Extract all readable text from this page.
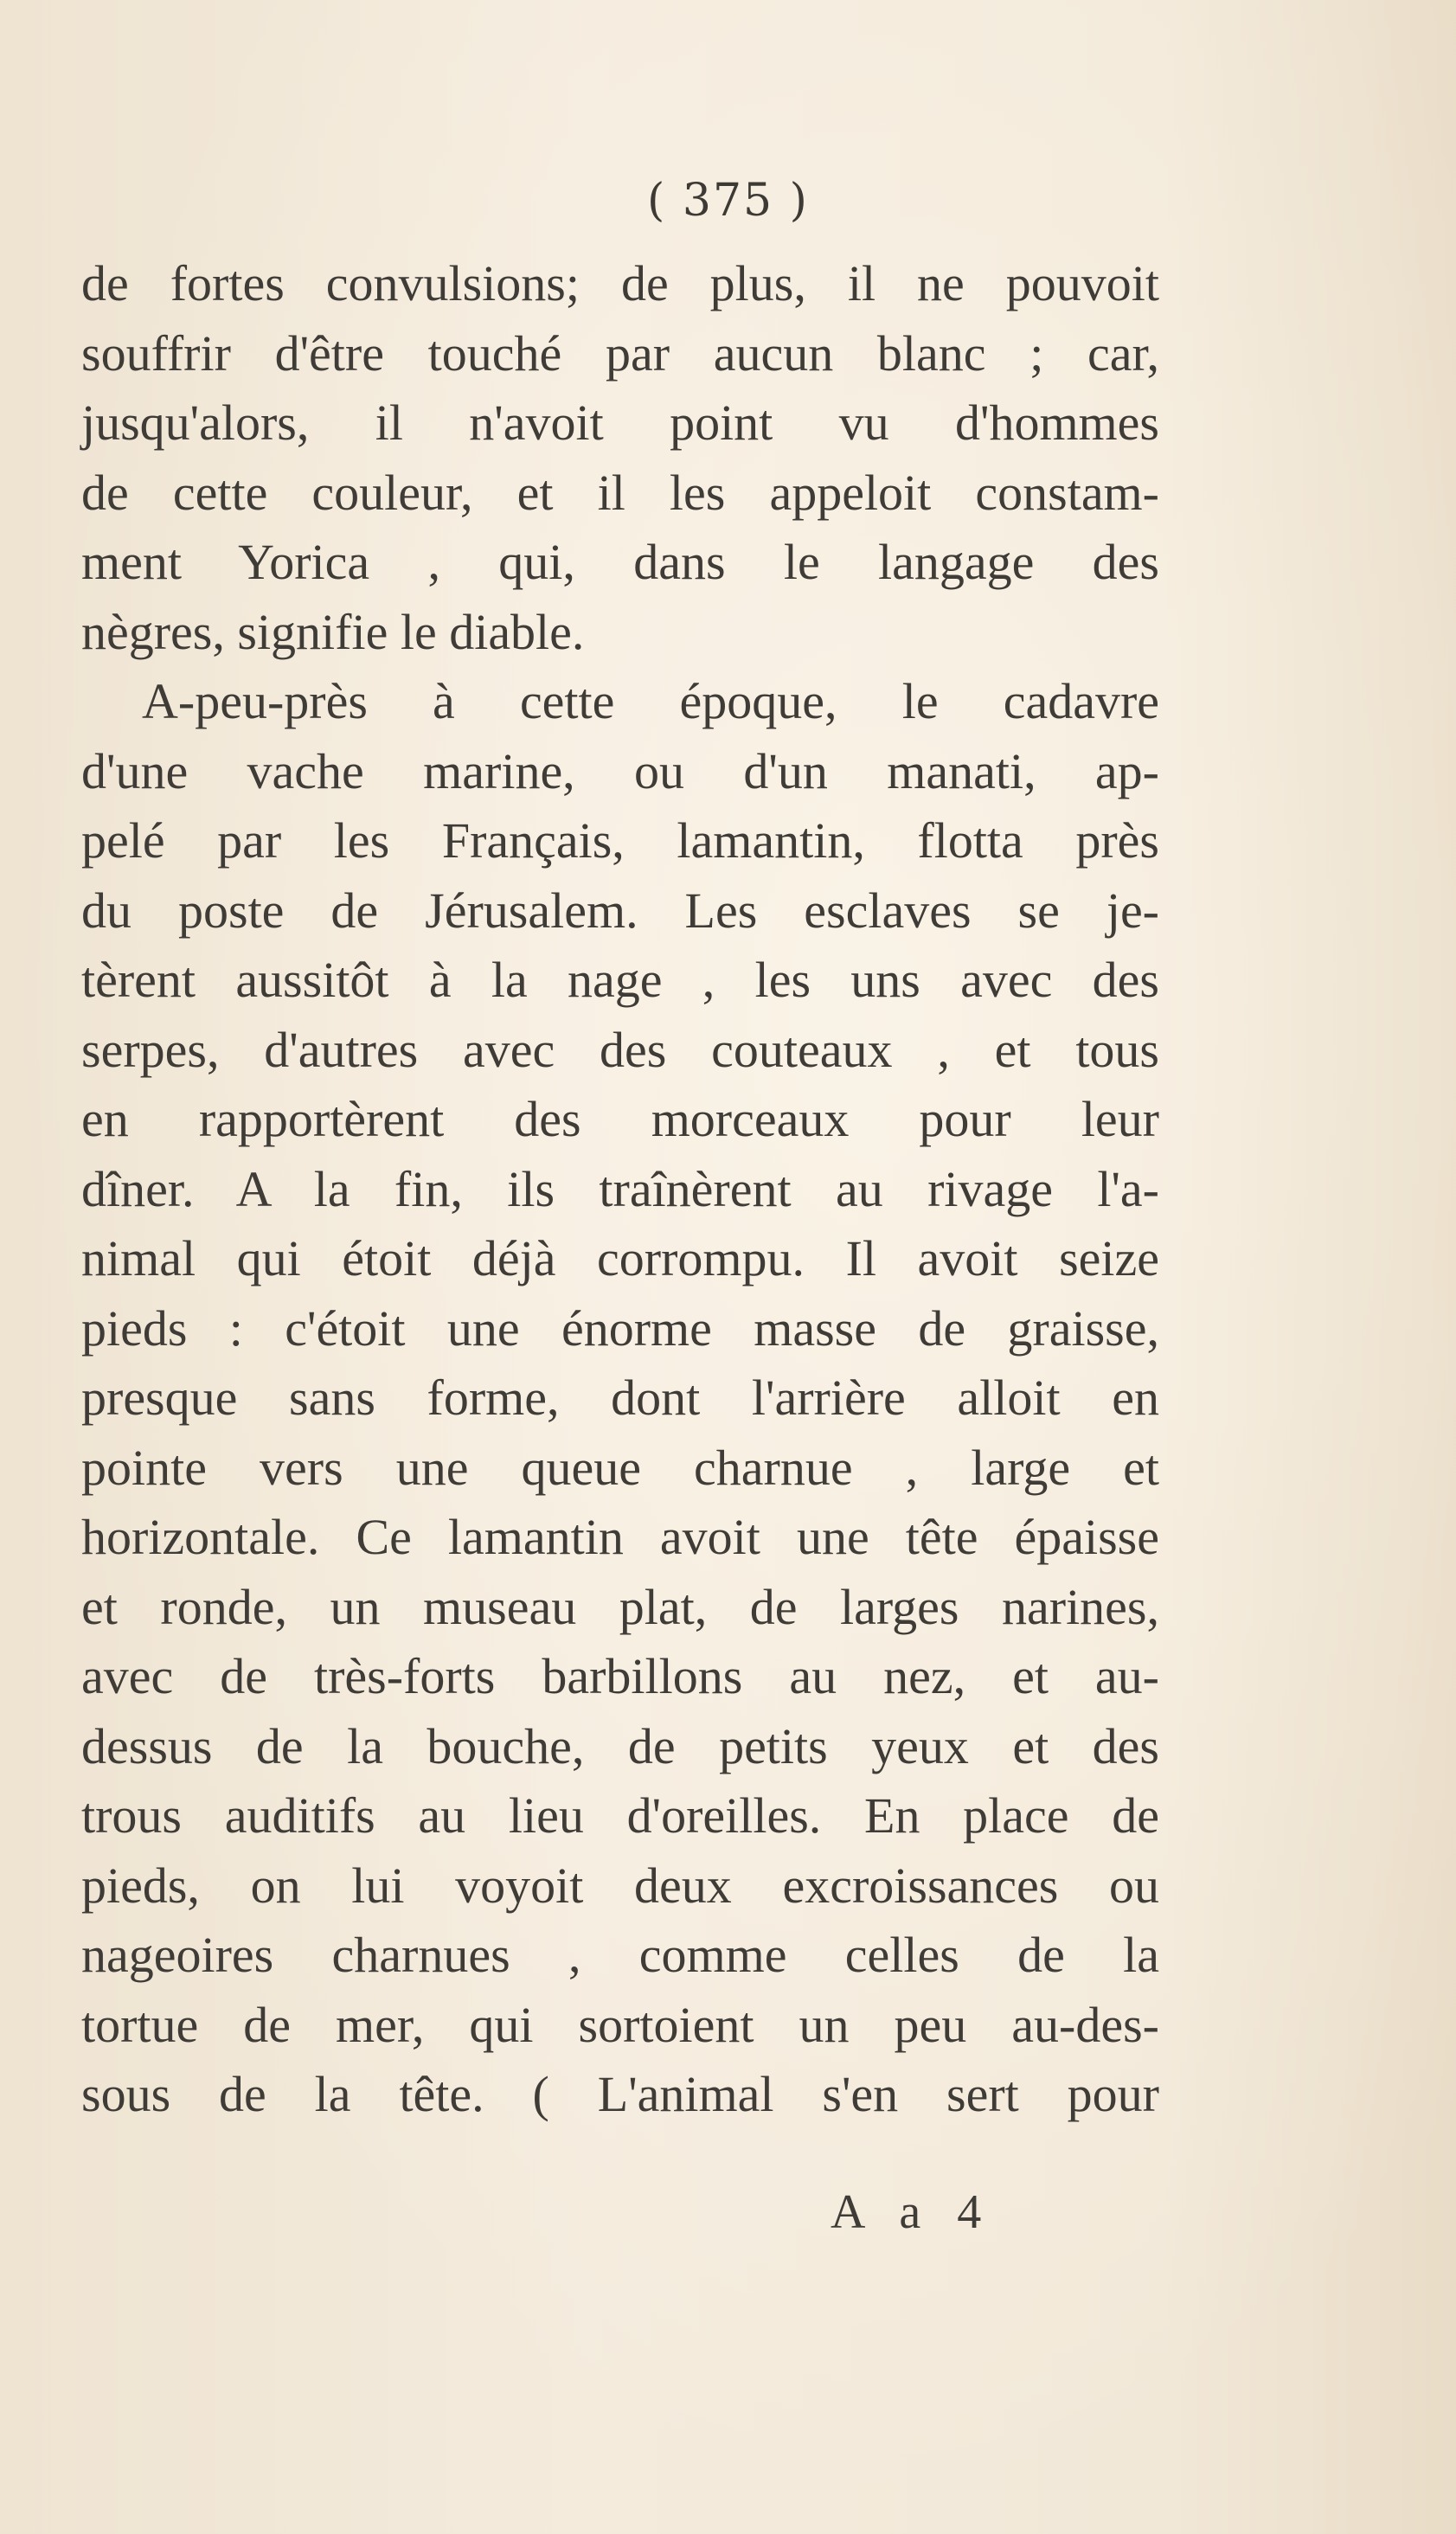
( 375 )
de fortes convulsions; de plus, il ne pouvoit
souffrir d'être touché par aucun blanc ; car,
jusqu'alors, il n'avoit point vu d'hommes
de cette couleur, et il les appeloit constam-
ment Yorica , qui, dans le langage des
nègres, signifie le diable.
A-peu-près à cette époque, le cadavre
d'une vache marine, ou d'un manati, ap-
pelé par les Français, lamantin, flotta près
du poste de Jérusalem. Les esclaves se je-
tèrent aussitôt à la nage , les uns avec des
serpes, d'autres avec des couteaux , et tous
en rapportèrent des morceaux pour leur
dîner. A la fin, ils traînèrent au rivage l'a-
nimal qui étoit déjà corrompu. Il avoit seize
pieds : c'étoit une énorme masse de graisse,
presque sans forme, dont l'arrière alloit en
pointe vers une queue charnue , large et
horizontale. Ce lamantin avoit une tête épaisse
et ronde, un museau plat, de larges narines,
avec de très-forts barbillons au nez, et au-
dessus de la bouche, de petits yeux et des
trous auditifs au lieu d'oreilles. En place de
pieds, on lui voyoit deux excroissances ou
nageoires charnues , comme celles de la
tortue de mer, qui sortoient un peu au-des-
sous de la tête. ( L'animal s'en sert pour
A a 4
